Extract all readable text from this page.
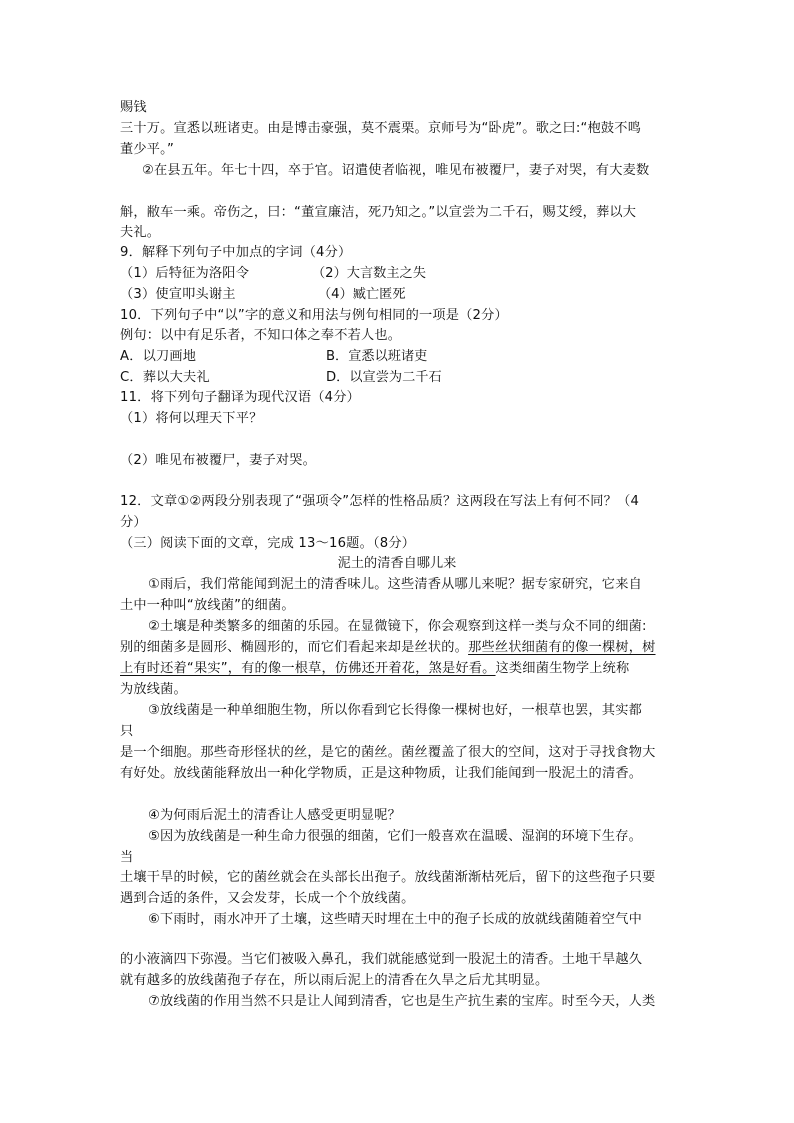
赐钱
三十万。宣悉以班诸吏。由是博击豪强，莫不震栗。京师号为“卧虎”。歌之曰:“枹鼓不鸣
董少平。”
②在县五年。年七十四，卒于官。诏遣使者临视，唯见布被覆尸，妻子对哭，有大麦数
斛，敝车一乘。帝伤之，曰：“董宣廉洁，死乃知之。”以宣尝为二千石，赐艾绶，葬以大
夫礼。
9．解释下列句子中加点的字词（4分）
（1）后特征为洛阳令	（2）大言数主之失
（3）使宣叩头谢主	（4）臧亡匿死
10．下列句子中“以”字的意义和用法与例句相同的一项是（2分）
例句：以中有足乐者，不知口体之奉不若人也。
A．以刀画地	B．宣悉以班诸吏
C．葬以大夫礼	D．以宣尝为二千石
11．将下列句子翻译为现代汉语（4分）
（1）将何以理天下平？
（2）唯见布被覆尸，妻子对哭。
12．文章①②两段分别表现了“强项令”怎样的性格品质？这两段在写法上有何不同？（4
分）
（三）阅读下面的文章，完成 13～16题。（8分）
泥土的清香自哪儿来
①雨后，我们常能闻到泥土的清香味儿。这些清香从哪儿来呢？据专家研究，它来自
土中一种叫“放线菌”的细菌。
②土壤是种类繁多的细菌的乐园。在显微镜下，你会观察到这样一类与众不同的细菌:
别的细菌多是圆形、椭圆形的，而它们看起来却是丝状的。那些丝状细菌有的像一棵树，树
上有时还着“果实”，有的像一根草，仿佛还开着花，煞是好看。这类细菌生物学上统称
为放线菌。
③放线菌是一种单细胞生物，所以你看到它长得像一棵树也好，一根草也罢，其实都
只
是一个细胞。那些奇形怪状的丝，是它的菌丝。菌丝覆盖了很大的空间，这对于寻找食物大
有好处。放线菌能释放出一种化学物质，正是这种物质，让我们能闻到一股泥土的清香。
④为何雨后泥土的清香让人感受更明显呢？
⑤因为放线菌是一种生命力很强的细菌，它们一般喜欢在温暖、湿润的环境下生存。
当
土壤干旱的时候，它的菌丝就会在头部长出孢子。放线菌渐渐枯死后，留下的这些孢子只要
遇到合适的条件，又会发芽，长成一个个放线菌。
⑥下雨时，雨水冲开了土壤，这些晴天时埋在土中的孢子长成的放就线菌随着空气中
的小液滴四下弥漫。当它们被吸入鼻孔，我们就能感觉到一股泥土的清香。土地干旱越久
就有越多的放线菌孢子存在，所以雨后泥上的清香在久旱之后尤其明显。
⑦放线菌的作用当然不只是让人闻到清香，它也是生产抗生素的宝库。时至今天，人类
